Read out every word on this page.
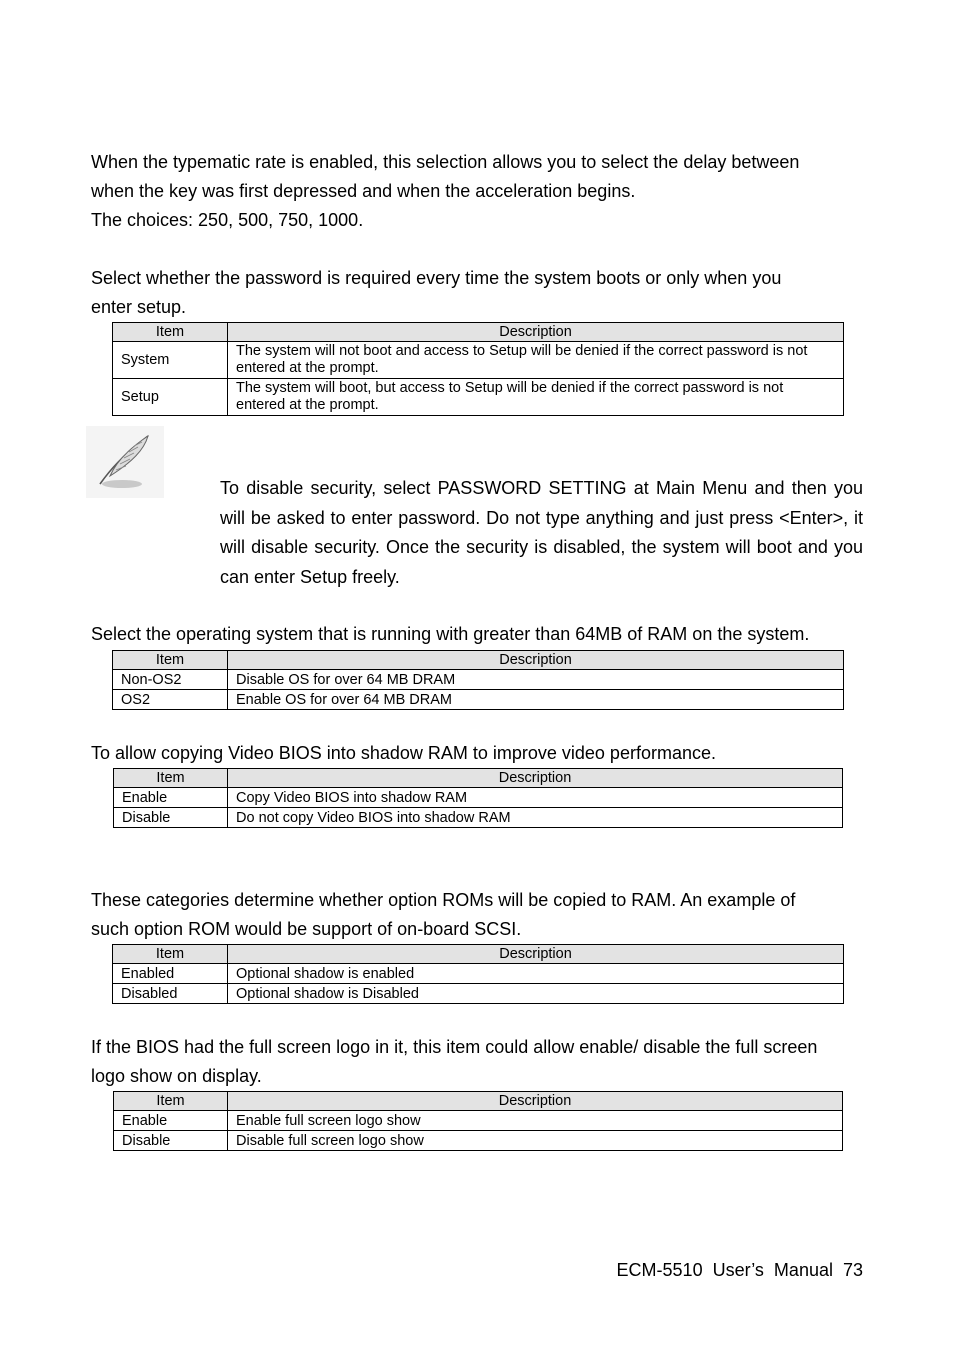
When the typematic rate is enabled, this selection allows you to select the delay between

when the key was first depressed and when the acceleration begins.

The choices: 250, 500, 750, 1000.

Select whether the password is required every time the system boots or only when you

enter setup.

Item	Description
System	The system will not boot and access to Setup will be denied if the correct password is not entered at the prompt.
Setup	The system will boot, but access to Setup will be denied if the correct password is not entered at the prompt.

To disable security, select PASSWORD SETTING at Main Menu and then you will be asked to enter password. Do not type anything and just press <Enter>, it will disable security. Once the security is disabled, the system will boot and you can enter Setup freely.

Select the operating system that is running with greater than 64MB of RAM on the system.

Item	Description
Non-OS2	Disable OS for over 64 MB DRAM
OS2	Enable OS for over 64 MB DRAM

To allow copying Video BIOS into shadow RAM to improve video performance.

Item	Description
Enable	Copy Video BIOS into shadow RAM
Disable	Do not copy Video BIOS into shadow RAM

These categories determine whether option ROMs will be copied to RAM. An example of

such option ROM would be support of on-board SCSI.

Item	Description
Enabled	Optional shadow is enabled
Disabled	Optional shadow is Disabled

If the BIOS had the full screen logo in it, this item could allow enable/ disable the full screen

logo show on display.

Item	Description
Enable	Enable full screen logo show
Disable	Disable full screen logo show
ECM-5510  User’s  Manual  73
